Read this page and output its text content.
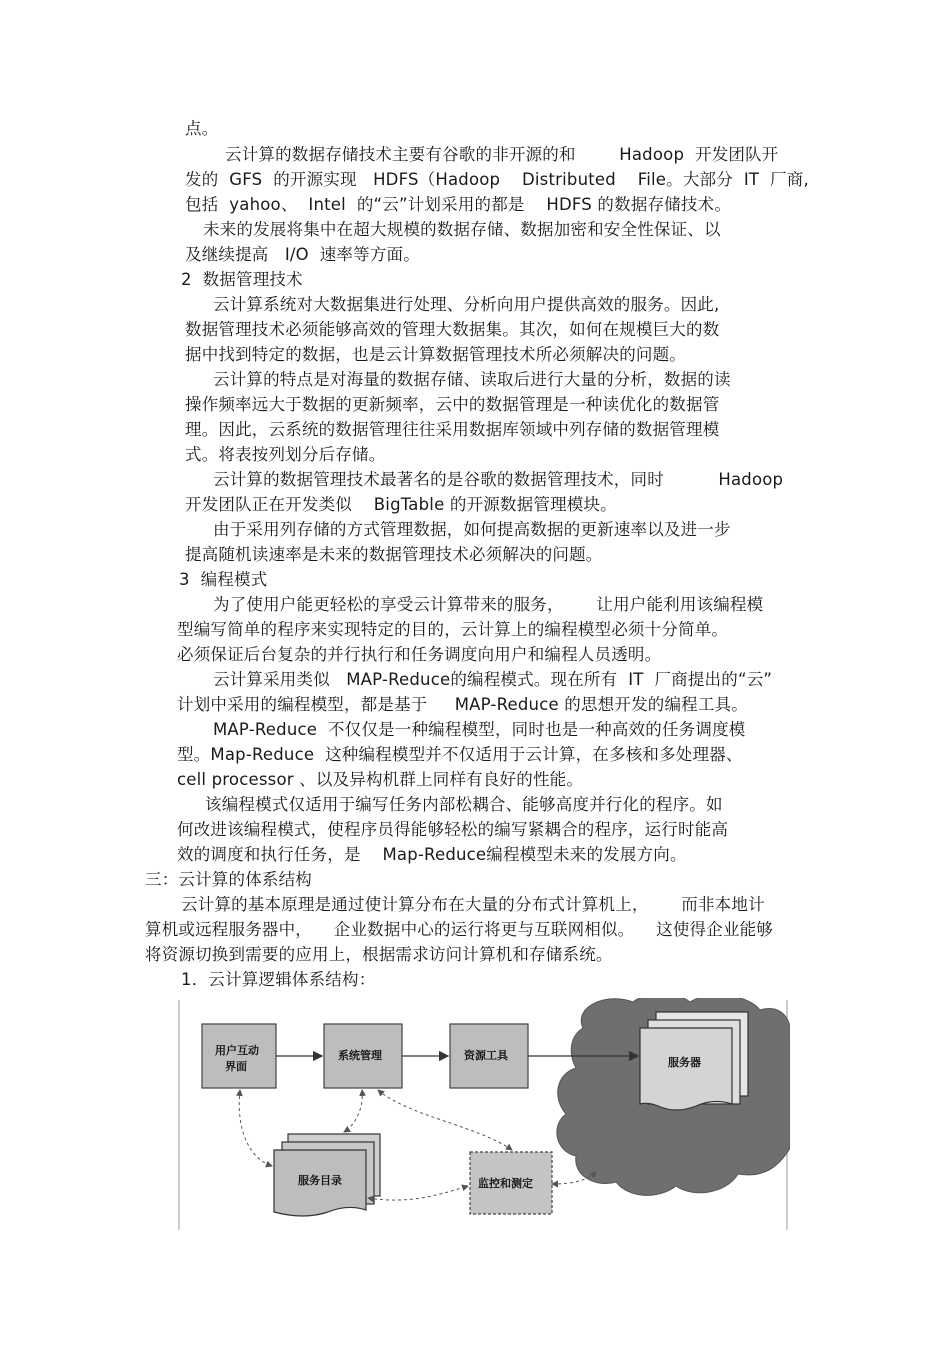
点。
云计算的数据存储技术主要有谷歌的非开源的和        Hadoop  开发团队开
发的  GFS  的开源实现   HDFS（Hadoop    Distributed    File。大部分  IT  厂商,
包括  yahoo、  Intel  的“云”计划采用的都是    HDFS 的数据存储技术。
未来的发展将集中在超大规模的数据存储、数据加密和安全性保证、以
及继续提高   I/O  速率等方面。
2  数据管理技术
云计算系统对大数据集进行处理、分析向用户提供高效的服务。因此,
数据管理技术必须能够高效的管理大数据集。其次，如何在规模巨大的数
据中找到特定的数据，也是云计算数据管理技术所必须解决的问题。
云计算的特点是对海量的数据存储、读取后进行大量的分析，数据的读
操作频率远大于数据的更新频率，云中的数据管理是一种读优化的数据管
理。因此，云系统的数据管理往往采用数据库领域中列存储的数据管理模
式。将表按列划分后存储。
云计算的数据管理技术最著名的是谷歌的数据管理技术，同时          Hadoop
开发团队正在开发类似    BigTable 的开源数据管理模块。
由于采用列存储的方式管理数据，如何提高数据的更新速率以及进一步
提高随机读速率是未来的数据管理技术必须解决的问题。
3  编程模式
为了使用户能更轻松的享受云计算带来的服务，      让用户能利用该编程模
型编写简单的程序来实现特定的目的，云计算上的编程模型必须十分简单。
必须保证后台复杂的并行执行和任务调度向用户和编程人员透明。
云计算采用类似   MAP-Reduce的编程模式。现在所有  IT  厂商提出的“云”
计划中采用的编程模型，都是基于     MAP-Reduce 的思想开发的编程工具。
MAP-Reduce  不仅仅是一种编程模型，同时也是一种高效的任务调度模
型。Map-Reduce  这种编程模型并不仅适用于云计算，在多核和多处理器、
cell processor 、以及异构机群上同样有良好的性能。
该编程模式仅适用于编写任务内部松耦合、能够高度并行化的程序。如
何改进该编程模式，使程序员得能够轻松的编写紧耦合的程序，运行时能高
效的调度和执行任务，是    Map-Reduce编程模型未来的发展方向。
三：云计算的体系结构
云计算的基本原理是通过使计算分布在大量的分布式计算机上，      而非本地计
算机或远程服务器中，    企业数据中心的运行将更与互联网相似。    这使得企业能够
将资源切换到需要的应用上，根据需求访问计算机和存储系统。
1．云计算逻辑体系结构：
服务器
用户互动
界面
系统管理	资源工具
服务目录	监控和测定
